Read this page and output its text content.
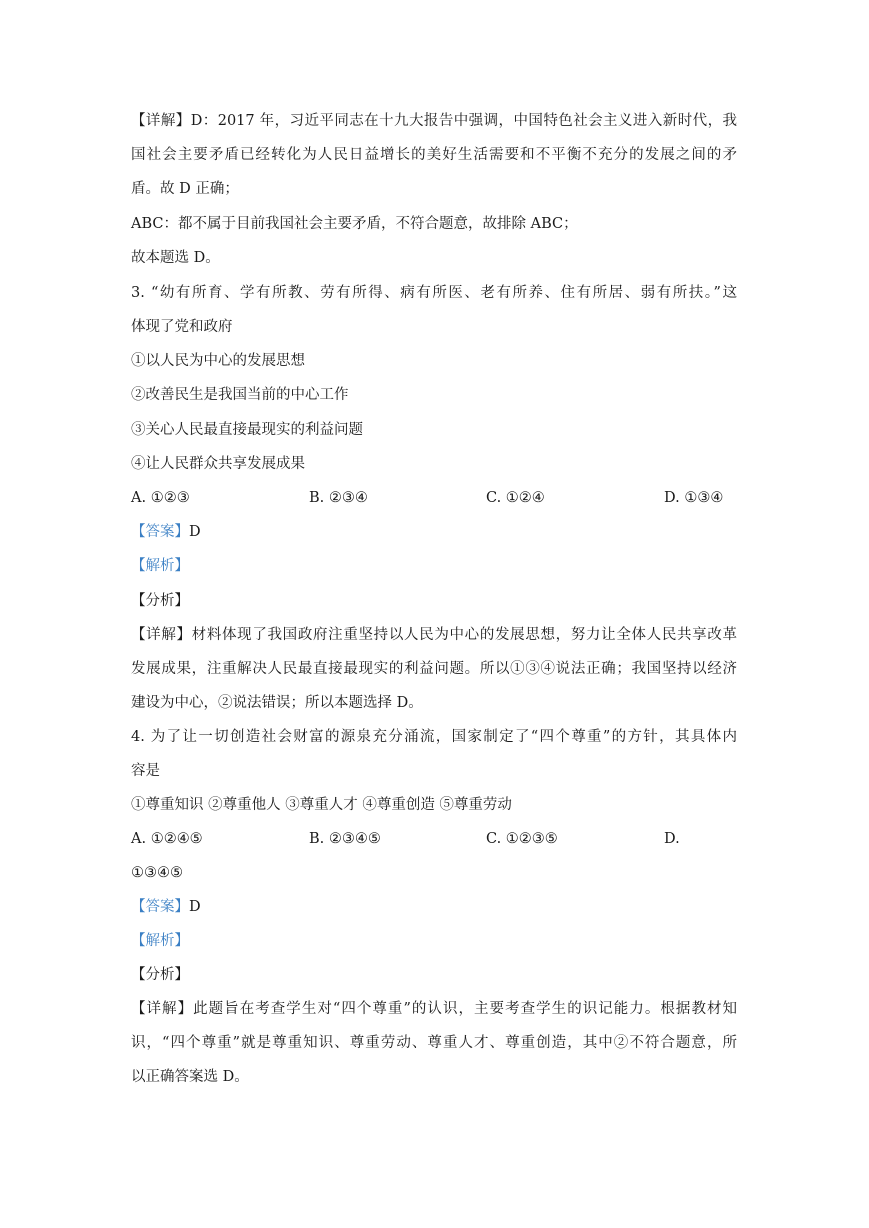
【详解】D：2017 年，习近平同志在十九大报告中强调，中国特色社会主义进入新时代，我
国社会主要矛盾已经转化为人民日益增长的美好生活需要和不平衡不充分的发展之间的矛
盾。故 D 正确；
ABC：都不属于目前我国社会主要矛盾，不符合题意，故排除 ABC；
故本题选 D。
3. “幼有所育、学有所教、劳有所得、病有所医、老有所养、住有所居、弱有所扶。”这
体现了党和政府
①以人民为中心的发展思想
②改善民生是我国当前的中心工作
③关心人民最直接最现实的利益问题
④让人民群众共享发展成果
A. ①②③	B. ②③④	C. ①②④	D. ①③④
【答案】D
【解析】
【分析】
【详解】材料体现了我国政府注重坚持以人民为中心的发展思想，努力让全体人民共享改革
发展成果，注重解决人民最直接最现实的利益问题。所以①③④说法正确；我国坚持以经济
建设为中心，②说法错误；所以本题选择 D。
4. 为了让一切创造社会财富的源泉充分涌流，国家制定了“四个尊重”的方针，其具体内
容是
①尊重知识 ②尊重他人 ③尊重人才 ④尊重创造 ⑤尊重劳动
A. ①②④⑤	B. ②③④⑤	C. ①②③⑤	D.
①③④⑤
【答案】D
【解析】
【分析】
【详解】此题旨在考查学生对“四个尊重”的认识，主要考查学生的识记能力。根据教材知
识，“四个尊重”就是尊重知识、尊重劳动、尊重人才、尊重创造，其中②不符合题意，所
以正确答案选 D。
